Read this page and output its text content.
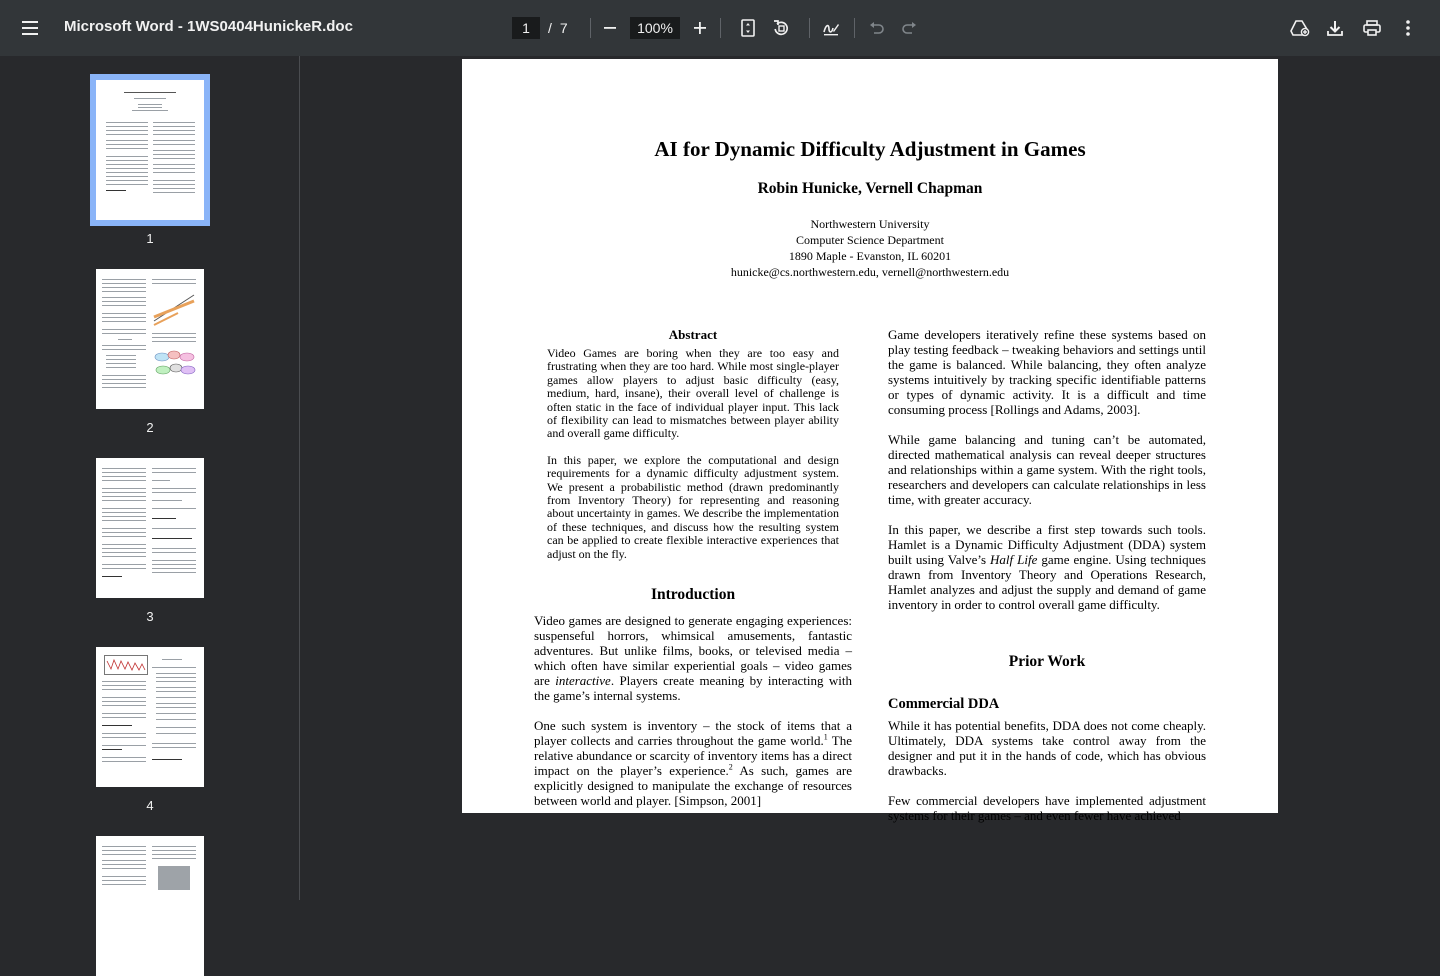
Microsoft Word - 1WS0404HunickeR.doc
1	/ 7	100%
1
2
3
4
AI for Dynamic Difficulty Adjustment in Games
Robin Hunicke, Vernell Chapman
Northwestern University
Computer Science Department
1890 Maple - Evanston, IL 60201
hunicke@cs.northwestern.edu, vernell@northwestern.edu
Abstract

Video Games are boring when they are too easy and frustrating when they are too hard. While most single-player games allow players to adjust basic difficulty (easy, medium, hard, insane), their overall level of challenge is often static in the face of individual player input. This lack of flexibility can lead to mismatches between player ability and overall game difficulty.

In this paper, we explore the computational and design requirements for a dynamic difficulty adjustment system. We present a probabilistic method (drawn predominantly from Inventory Theory) for representing and reasoning about uncertainty in games. We describe the implementation of these techniques, and discuss how the resulting system can be applied to create flexible interactive experiences that adjust on the fly.

Introduction

Video games are designed to generate engaging experiences: suspenseful horrors, whimsical amusements, fantastic adventures. But unlike films, books, or televised media – which often have similar experiential goals – video games are interactive. Players create meaning by interacting with the game’s internal systems.

One such system is inventory – the stock of items that a player collects and carries throughout the game world.$^1$ The relative abundance or scarcity of inventory items has a direct impact on the player’s experience.$^2$ As such, games are explicitly designed to manipulate the exchange of resources between world and player. [Simpson, 2001]

Game developers iteratively refine these systems based on play testing feedback – tweaking behaviors and settings until the game is balanced. While balancing, they often analyze systems intuitively by tracking specific identifiable patterns or types of dynamic activity. It is a difficult and time consuming process [Rollings and Adams, 2003].

While game balancing and tuning can’t be automated, directed mathematical analysis can reveal deeper structures and relationships within a game system. With the right tools, researchers and developers can calculate relationships in less time, with greater accuracy.

In this paper, we describe a first step towards such tools. Hamlet is a Dynamic Difficulty Adjustment (DDA) system built using Valve’s Half Life game engine. Using techniques drawn from Inventory Theory and Operations Research, Hamlet analyzes and adjust the supply and demand of game inventory in order to control overall game difficulty.

Prior Work
Commercial DDA

While it has potential benefits, DDA does not come cheaply. Ultimately, DDA systems take control away from the designer and put it in the hands of code, which has obvious drawbacks.

Few commercial developers have implemented adjustment systems for their games – and even fewer have achieved
